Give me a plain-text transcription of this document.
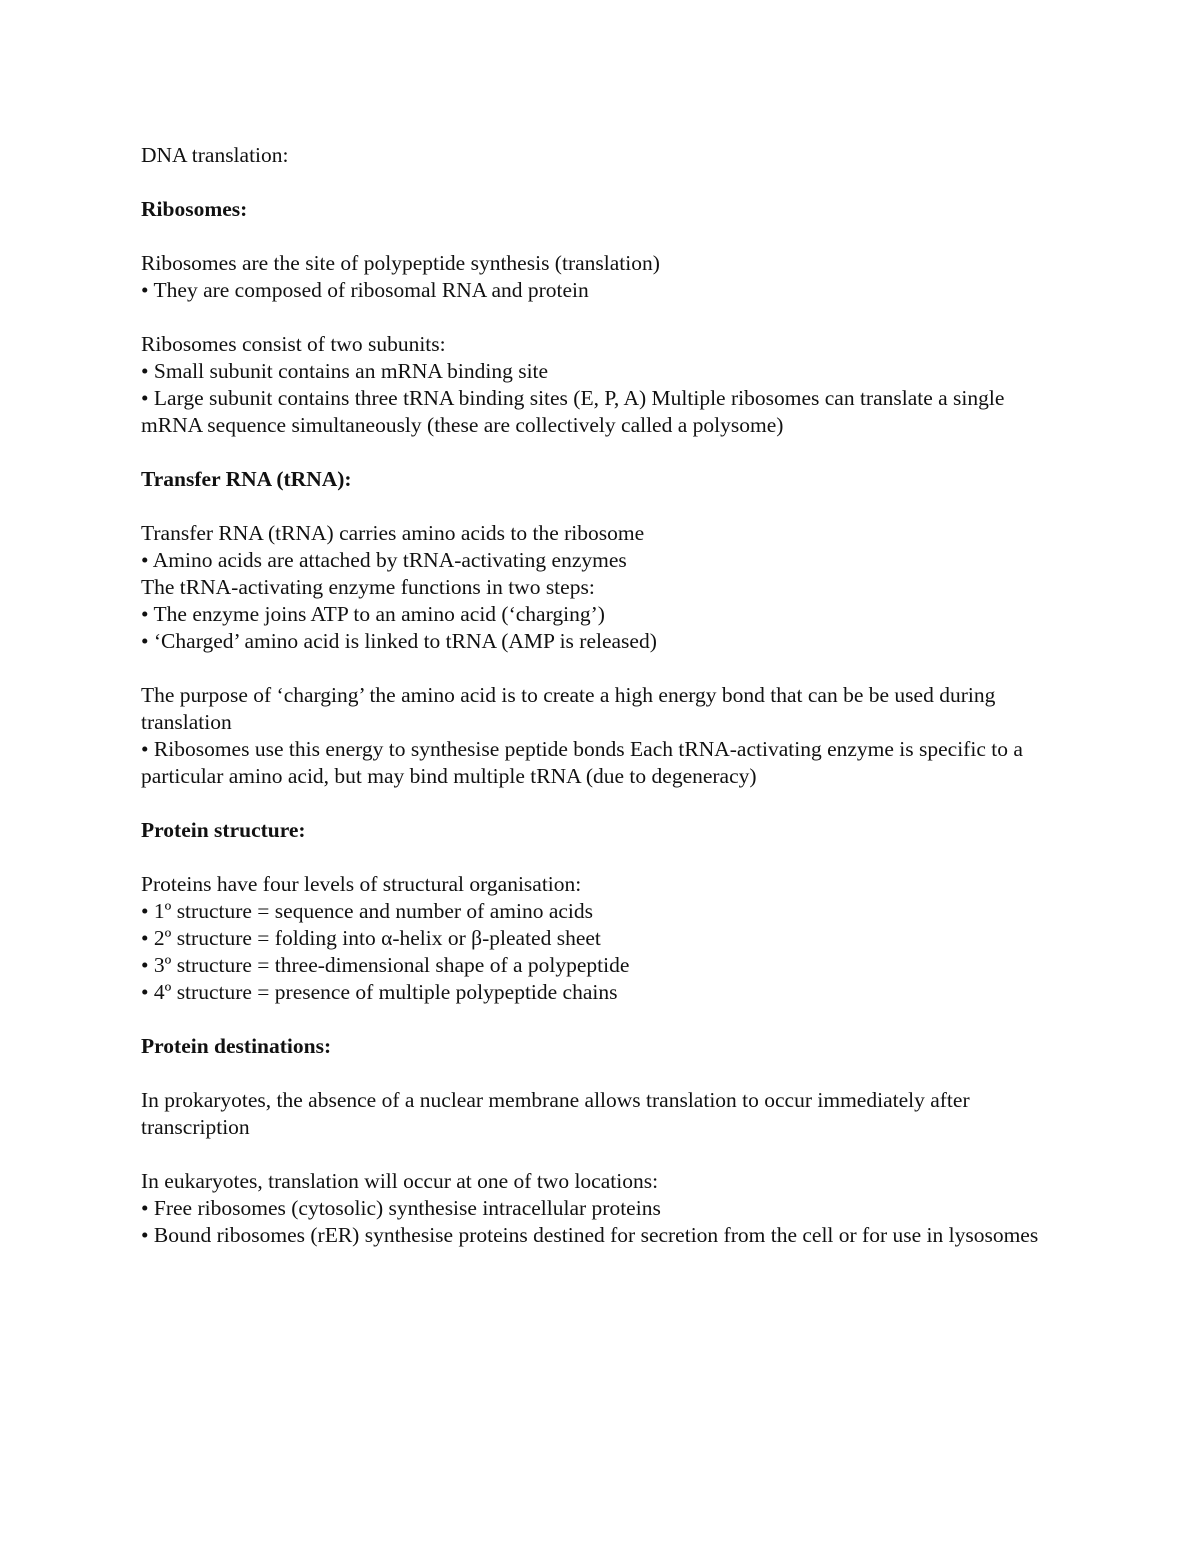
DNA translation:

Ribosomes:

Ribosomes are the site of polypeptide synthesis (translation)

• They are composed of ribosomal RNA and protein

Ribosomes consist of two subunits:

• Small subunit contains an mRNA binding site

• Large subunit contains three tRNA binding sites (E, P, A) Multiple ribosomes can translate a single mRNA sequence simultaneously (these are collectively called a polysome)

Transfer RNA (tRNA):

Transfer RNA (tRNA) carries amino acids to the ribosome

• Amino acids are attached by tRNA-activating enzymes

The tRNA-activating enzyme functions in two steps:

• The enzyme joins ATP to an amino acid (‘charging’)

• ‘Charged’ amino acid is linked to tRNA (AMP is released)

The purpose of ‘charging’ the amino acid is to create a high energy bond that can be be used during translation

• Ribosomes use this energy to synthesise peptide bonds Each tRNA-activating enzyme is specific to a particular amino acid, but may bind multiple tRNA (due to degeneracy)

Protein structure:

Proteins have four levels of structural organisation:

• 1º structure = sequence and number of amino acids

• 2º structure = folding into α-helix or β-pleated sheet

• 3º structure = three-dimensional shape of a polypeptide

• 4º structure = presence of multiple polypeptide chains

Protein destinations:

In prokaryotes, the absence of a nuclear membrane allows translation to occur immediately after transcription

In eukaryotes, translation will occur at one of two locations:

• Free ribosomes (cytosolic) synthesise intracellular proteins

• Bound ribosomes (rER) synthesise proteins destined for secretion from the cell or for use in lysosomes
